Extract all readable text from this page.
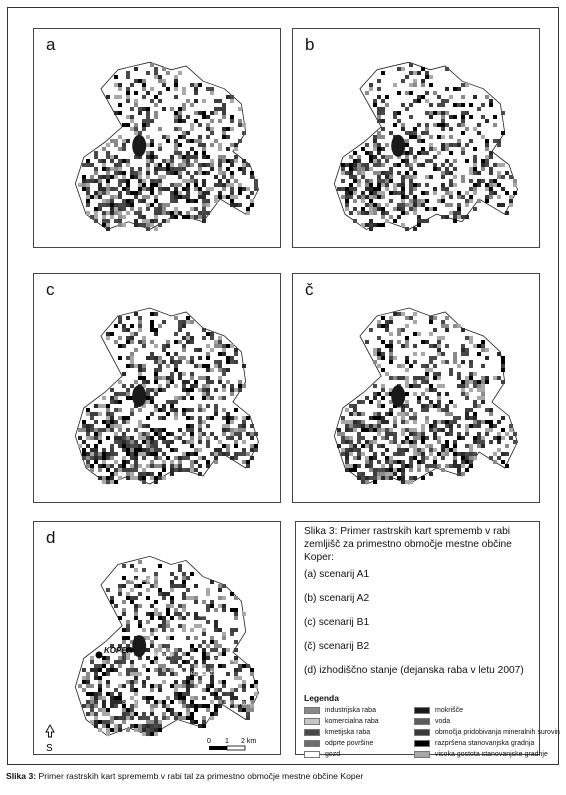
a	b
c	č
d
KOPER
Ankaran
Bertoki
Škofije
Dekani
Pobegi-Čežarji
Šmarje	Sv. Anton
S
0 1 2 km
Slika 3: Primer rastrskih kart sprememb v rabi zemljišč za primestno območje mestne občine Koper:
(a) scenarij A1
(b) scenarij A2
(c) scenarij B1
(č) scenarij B2
(d) izhodiščno stanje (dejanska raba v letu 2007)
Legenda
industrijska raba	mokrišče
komercialna raba	voda
kmetijska raba	območja pridobivanja mineralnih surovin
odprte površine	razpršena stanovanjska gradnja
gozd	visoka gostota stanovanjske gradnje
Slika 3: Primer rastrskih kart sprememb v rabi tal za primestno območje mestne občine Koper
